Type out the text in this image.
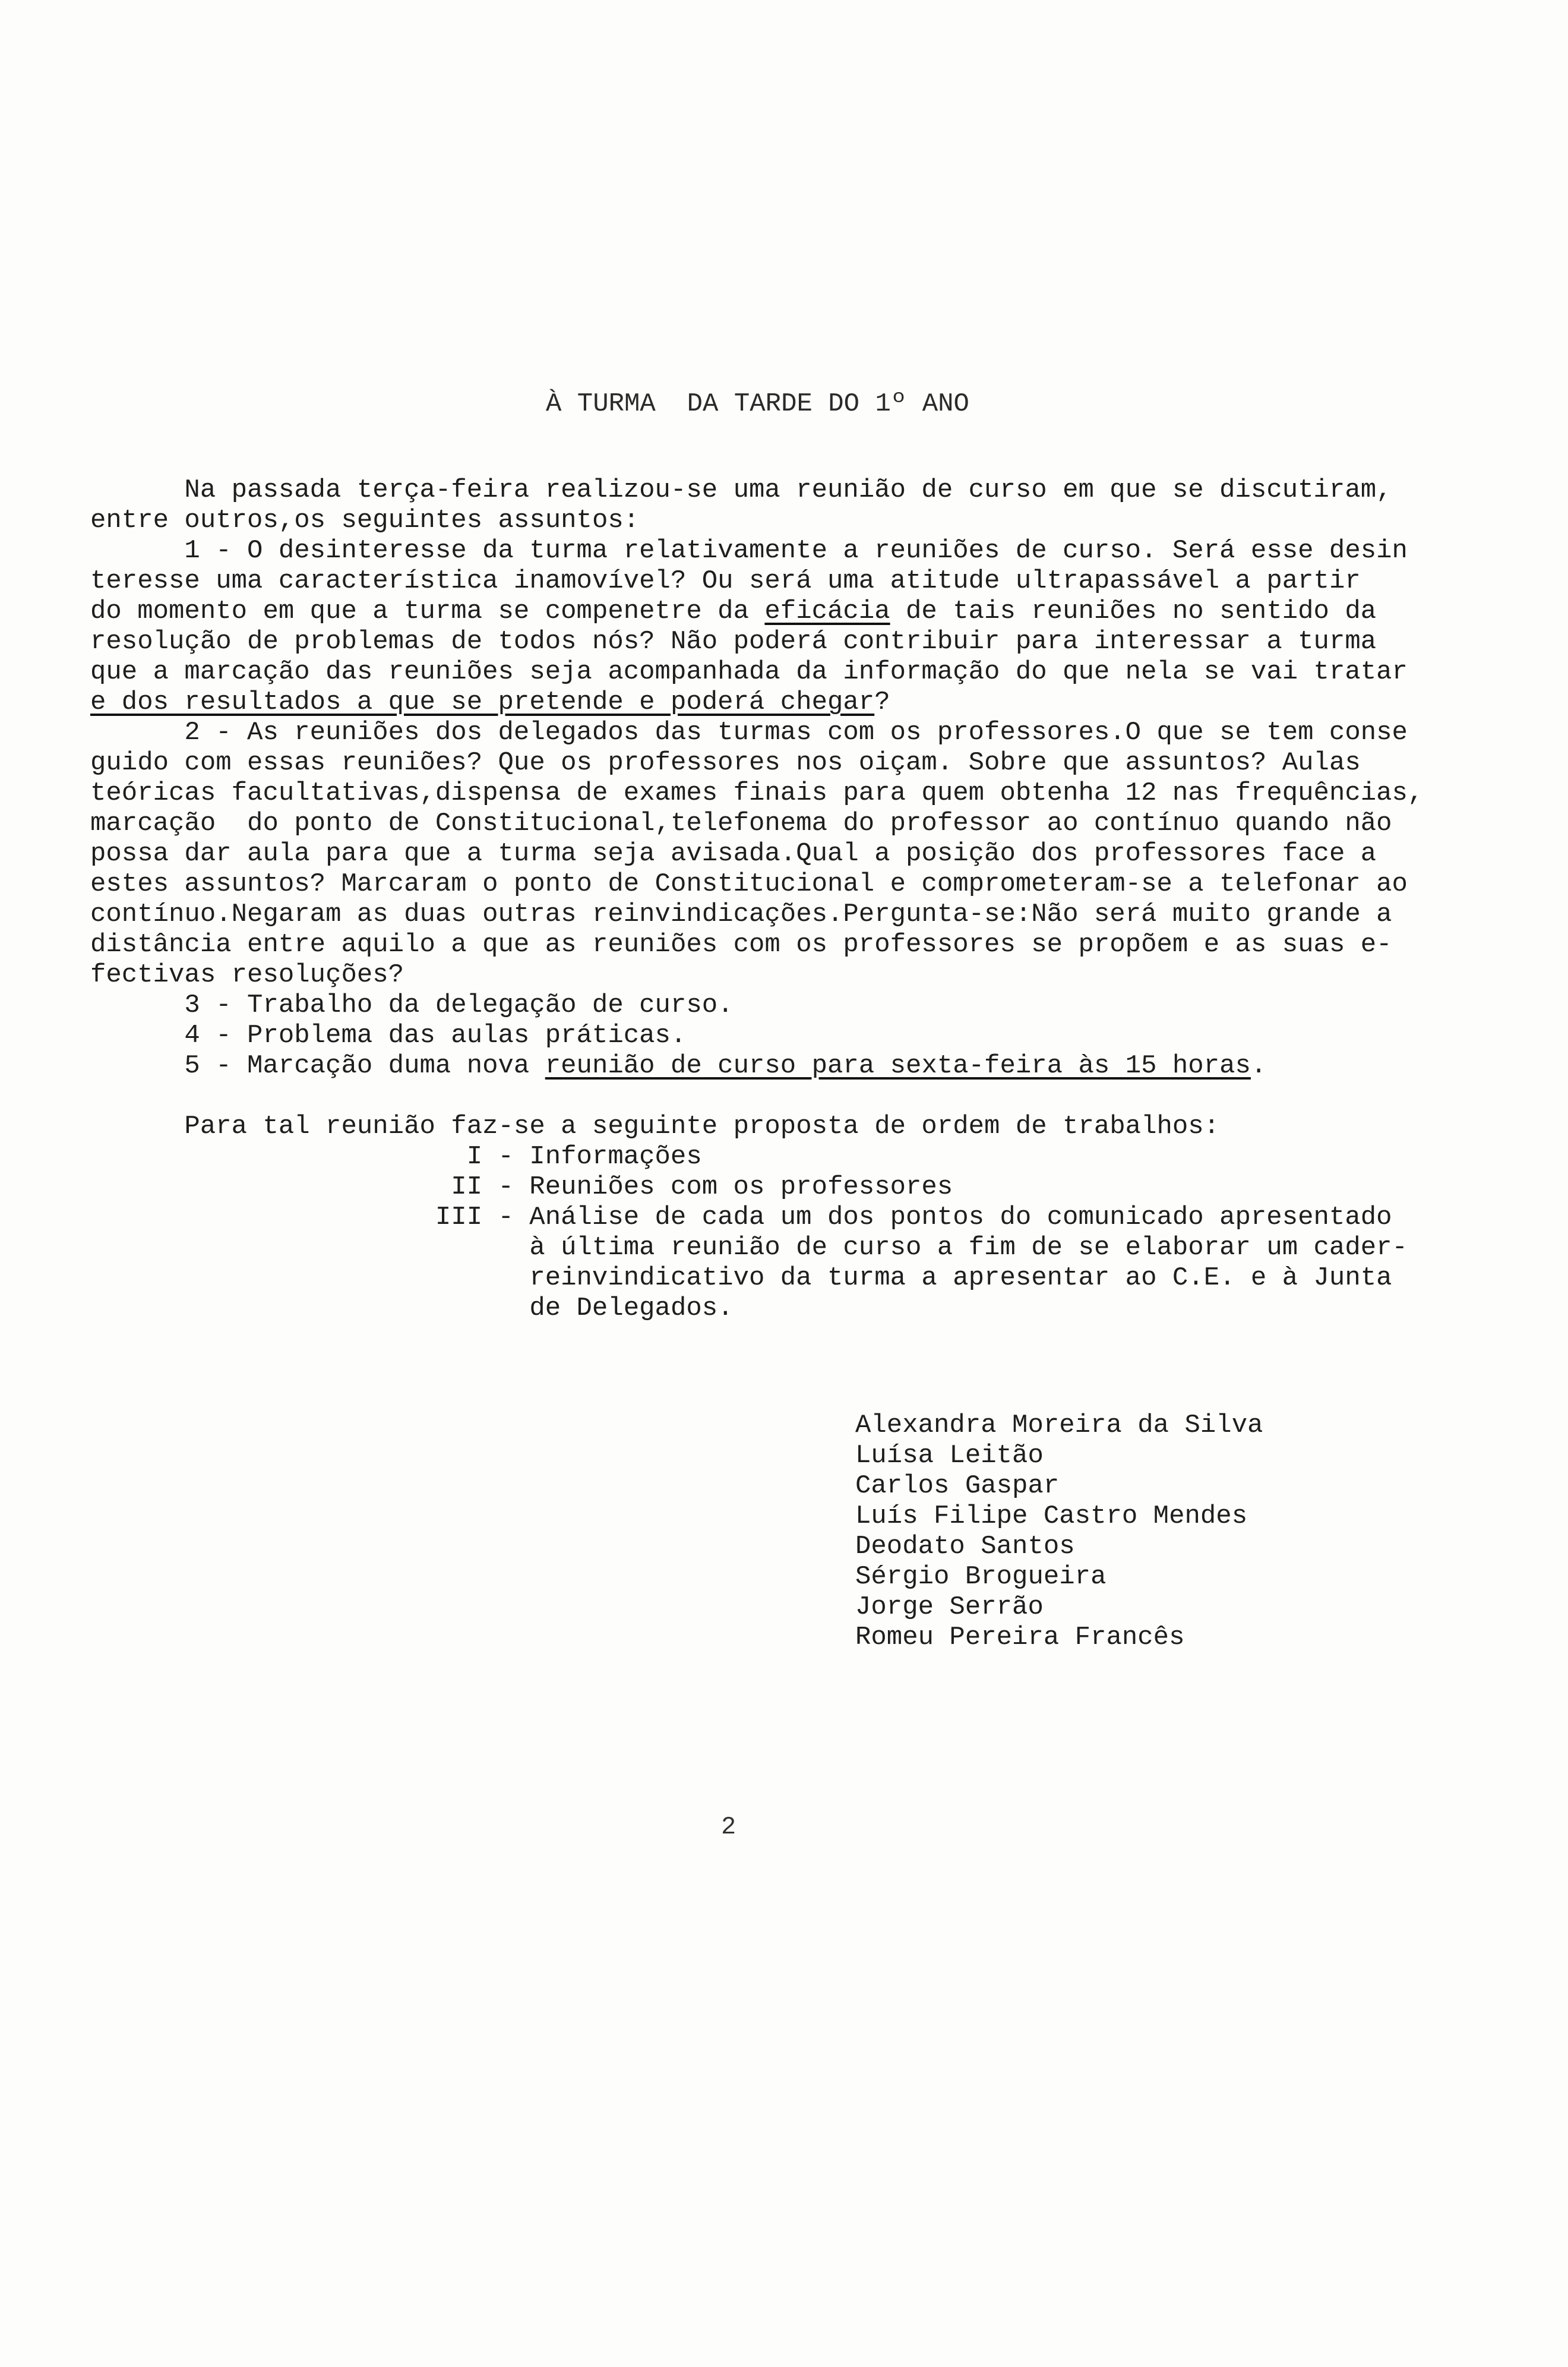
À TURMA  DA TARDE DO 1º ANO
Na passada terça-feira realizou-se uma reunião de curso em que se discutiram,
entre outros,os seguintes assuntos:
1 - O desinteresse da turma relativamente a reuniões de curso. Será esse desin
teresse uma característica inamovível? Ou será uma atitude ultrapassável a partir
do momento em que a turma se compenetre da eficácia de tais reuniões no sentido da
resolução de problemas de todos nós? Não poderá contribuir para interessar a turma
que a marcação das reuniões seja acompanhada da informação do que nela se vai tratar
e dos resultados a que se pretende e poderá chegar?
2 - As reuniões dos delegados das turmas com os professores.O que se tem conse
guido com essas reuniões? Que os professores nos oiçam. Sobre que assuntos? Aulas
teóricas facultativas,dispensa de exames finais para quem obtenha 12 nas frequências,
marcação  do ponto de Constitucional,telefonema do professor ao contínuo quando não
possa dar aula para que a turma seja avisada.Qual a posição dos professores face a
estes assuntos? Marcaram o ponto de Constitucional e comprometeram-se a telefonar ao
contínuo.Negaram as duas outras reinvindicações.Pergunta-se:Não será muito grande a
distância entre aquilo a que as reuniões com os professores se propõem e as suas e-
fectivas resoluções?
3 - Trabalho da delegação de curso.
4 - Problema das aulas práticas.
5 - Marcação duma nova reunião de curso para sexta-feira às 15 horas.
Para tal reunião faz-se a seguinte proposta de ordem de trabalhos:
I - Informações
II - Reuniões com os professores
III - Análise de cada um dos pontos do comunicado apresentado
à última reunião de curso a fim de se elaborar um cader-
reinvindicativo da turma a apresentar ao C.E. e à Junta
de Delegados.
Alexandra Moreira da Silva
Luísa Leitão
Carlos Gaspar
Luís Filipe Castro Mendes
Deodato Santos
Sérgio Brogueira
Jorge Serrão
Romeu Pereira Francês
2
